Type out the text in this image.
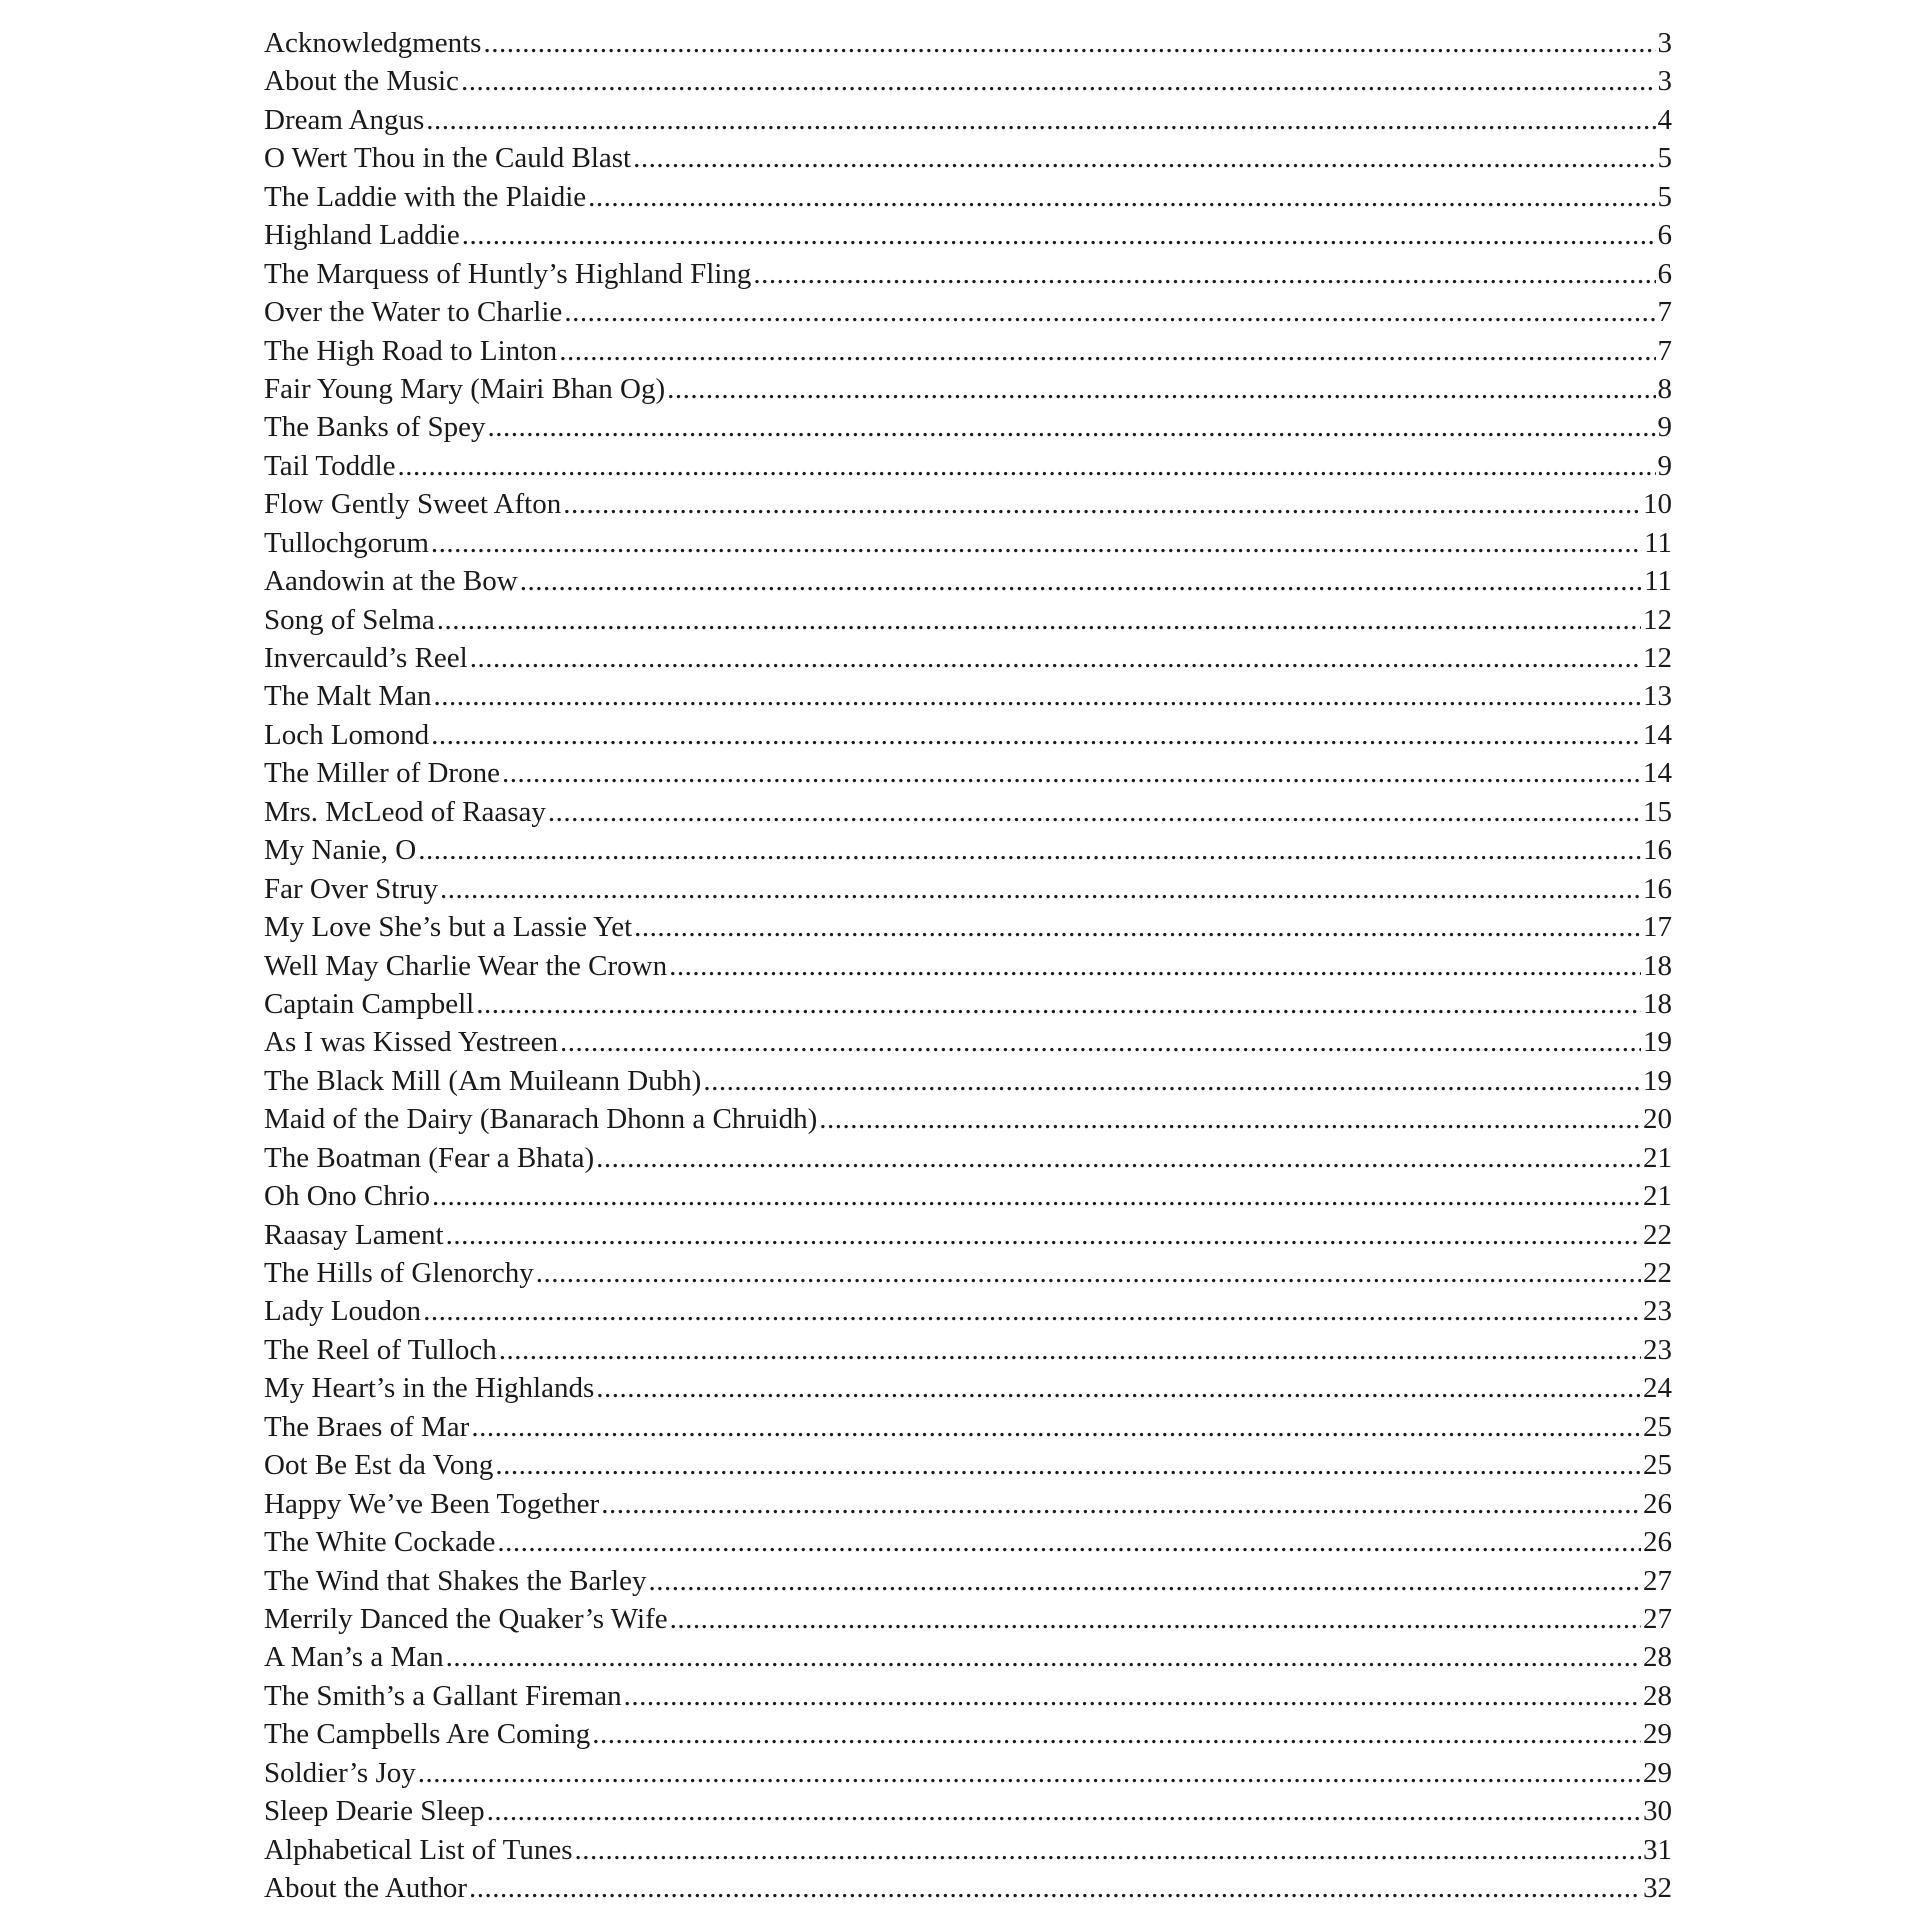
Acknowledgments .....	3
About the Music .....	3
Dream Angus .....	4
O Wert Thou in the Cauld Blast .....	5
The Laddie with the Plaidie .....	5
Highland Laddie .....	6
The Marquess of Huntly’s Highland Fling .....	6
Over the Water to Charlie .....	7
The High Road to Linton .....	7
Fair Young Mary (Mairi Bhan Og) .....	8
The Banks of Spey .....	9
Tail Toddle .....	9
Flow Gently Sweet Afton .....	10
Tullochgorum .....	11
Aandowin at the Bow .....	11
Song of Selma .....	12
Invercauld’s Reel .....	12
The Malt Man .....	13
Loch Lomond .....	14
The Miller of Drone .....	14
Mrs. McLeod of Raasay .....	15
My Nanie, O .....	16
Far Over Struy .....	16
My Love She’s but a Lassie Yet .....	17
Well May Charlie Wear the Crown .....	18
Captain Campbell .....	18
As I was Kissed Yestreen .....	19
The Black Mill (Am Muileann Dubh) .....	19
Maid of the Dairy (Banarach Dhonn a Chruidh) .....	20
The Boatman (Fear a Bhata) .....	21
Oh Ono Chrio .....	21
Raasay Lament .....	22
The Hills of Glenorchy .....	22
Lady Loudon .....	23
The Reel of Tulloch .....	23
My Heart’s in the Highlands .....	24
The Braes of Mar .....	25
Oot Be Est da Vong .....	25
Happy We’ve Been Together .....	26
The White Cockade .....	26
The Wind that Shakes the Barley .....	27
Merrily Danced the Quaker’s Wife .....	27
A Man’s a Man .....	28
The Smith’s a Gallant Fireman .....	28
The Campbells Are Coming .....	29
Soldier’s Joy .....	29
Sleep Dearie Sleep .....	30
Alphabetical List of Tunes .....	31
About the Author .....	32
